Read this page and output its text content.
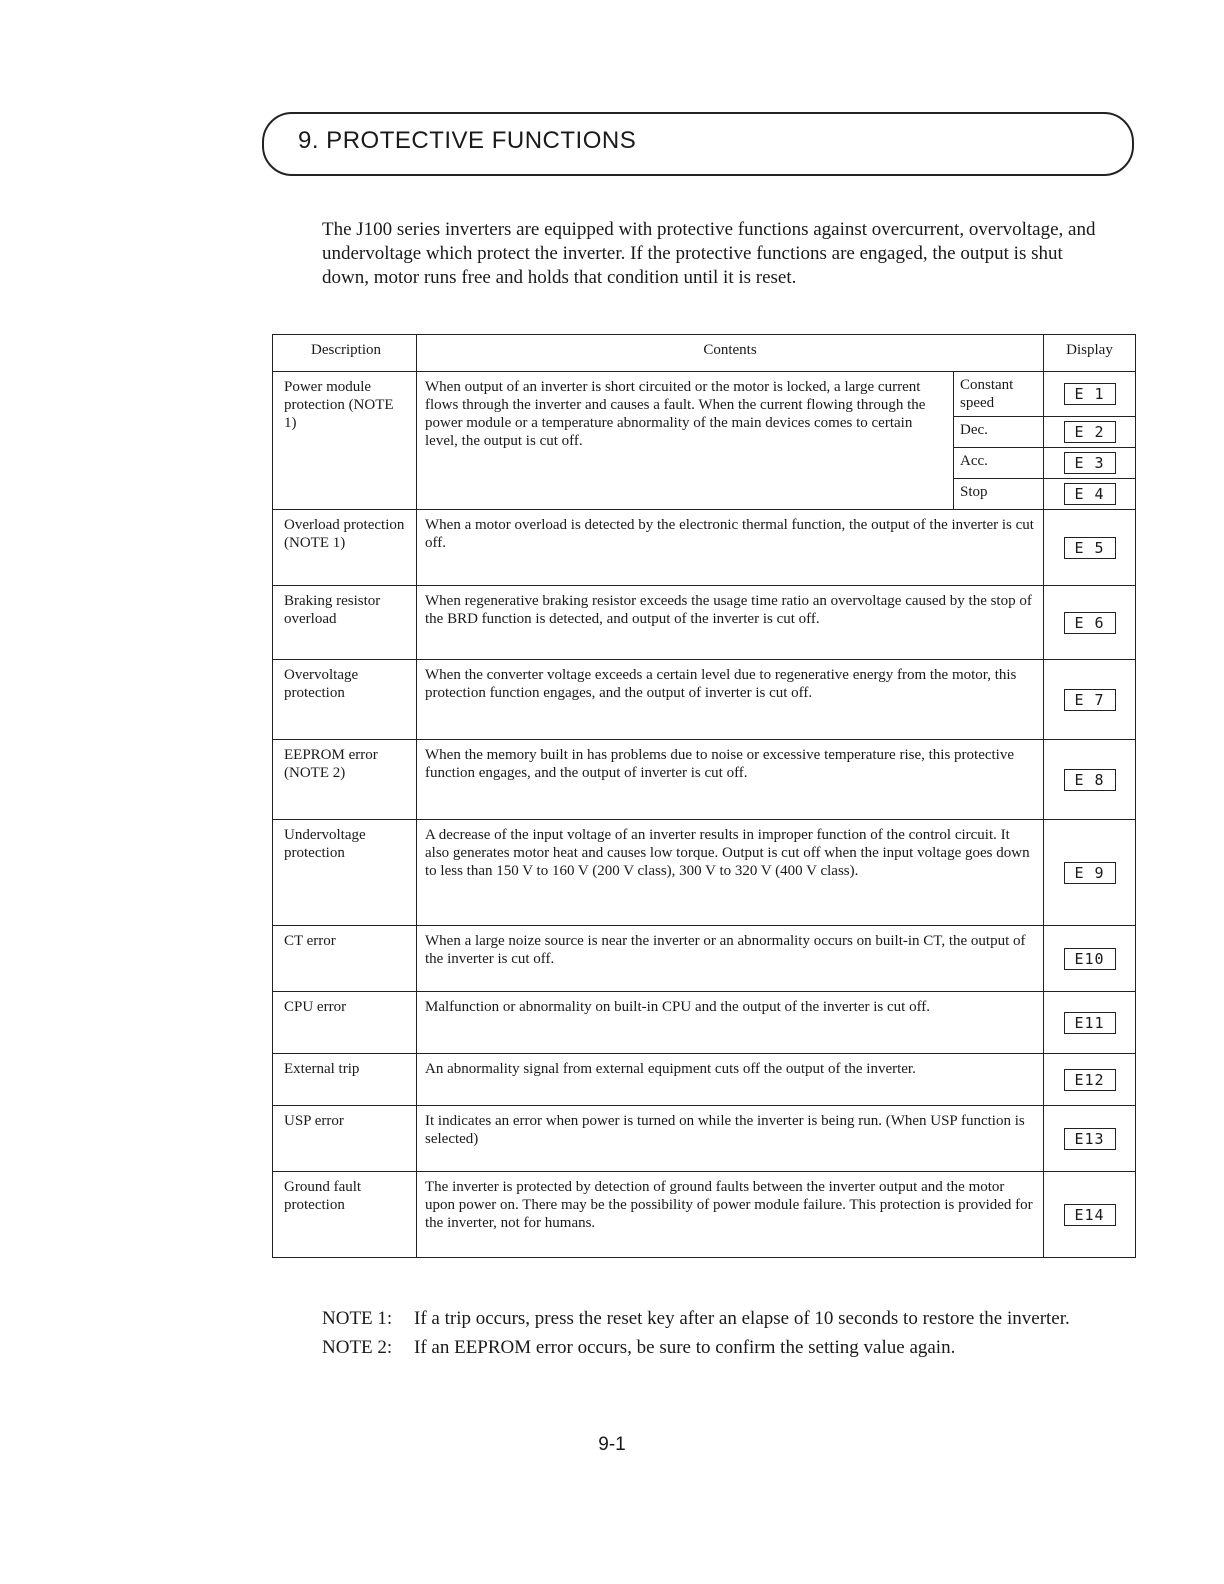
9. PROTECTIVE FUNCTIONS
The J100 series inverters are equipped with protective functions against overcurrent, overvoltage, and undervoltage which protect the inverter. If the protective functions are engaged, the output is shut down, motor runs free and holds that condition until it is reset.
Description	Contents		Display
Power module protection (NOTE 1)	When output of an inverter is short circuited or the motor is locked, a large current flows through the inverter and causes a fault. When the current flowing through the power module or a temperature abnormality of the main devices comes to certain level, the output is cut off.	Constant speed	E 1
		Dec.	E 2
		Acc.	E 3
		Stop	E 4
Overload protection (NOTE 1)	When a motor overload is detected by the electronic thermal function, the output of the inverter is cut off.		E 5
Braking resistor overload	When regenerative braking resistor exceeds the usage time ratio an overvoltage caused by the stop of the BRD function is detected, and output of the inverter is cut off.		E 6
Overvoltage protection	When the converter voltage exceeds a certain level due to regenerative energy from the motor, this protection function engages, and the output of inverter is cut off.		E 7
EEPROM error (NOTE 2)	When the memory built in has problems due to noise or excessive temperature rise, this protective function engages, and the output of inverter is cut off.		E 8
Undervoltage protection	A decrease of the input voltage of an inverter results in improper function of the control circuit. It also generates motor heat and causes low torque. Output is cut off when the input voltage goes down to less than 150 V to 160 V (200 V class), 300 V to 320 V (400 V class).		E 9
CT error	When a large noize source is near the inverter or an abnormality occurs on built-in CT, the output of the inverter is cut off.		E10
CPU error	Malfunction or abnormality on built-in CPU and the output of the inverter is cut off.		E11
External trip	An abnormality signal from external equipment cuts off the output of the inverter.		E12
USP error	It indicates an error when power is turned on while the inverter is being run. (When USP function is selected)		E13
Ground fault protection	The inverter is protected by detection of ground faults between the inverter output and the motor upon power on. There may be the possibility of power module failure. This protection is provided for the inverter, not for humans.		E14
NOTE 1:	If a trip occurs, press the reset key after an elapse of 10 seconds to restore the inverter.
NOTE 2:	If an EEPROM error occurs, be sure to confirm the setting value again.
9-1
